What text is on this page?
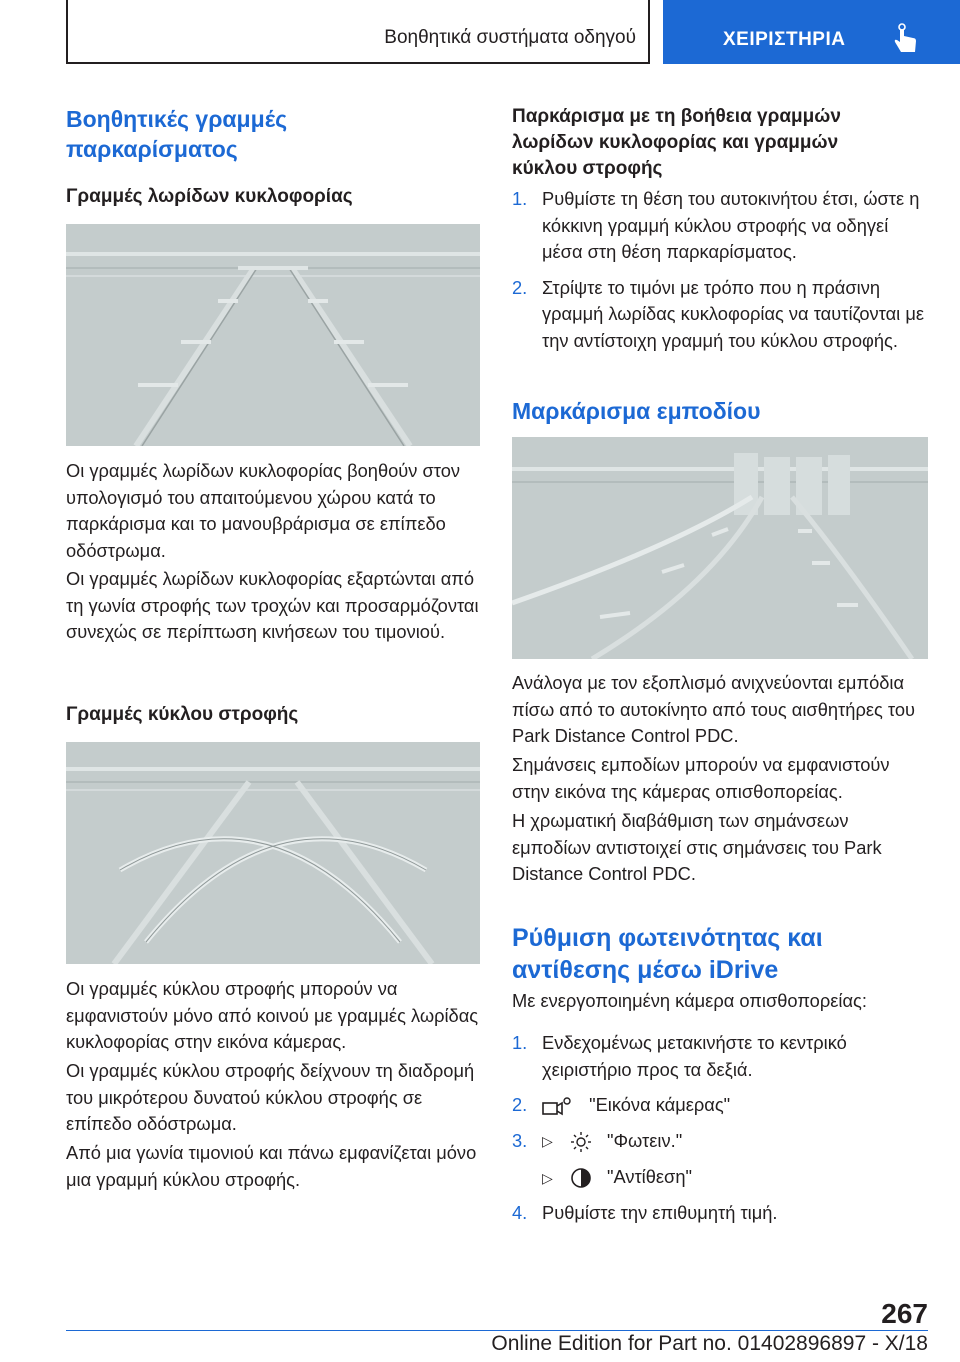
Βοηθητικά συστήματα οδηγού	ΧΕΙΡΙΣΤΗΡΙΑ
Βοηθητικές γραμμές παρκαρίσματος
Γραμμές λωρίδων κυκλοφορίας
Οι γραμμές λωρίδων κυκλοφορίας βοηθούν στον υπολογισμό του απαιτούμενου χώρου κατά το παρκάρισμα και το μανουβράρισμα σε επίπεδο οδόστρωμα.
Οι γραμμές λωρίδων κυκλοφορίας εξαρτώνται από τη γωνία στροφής των τροχών και προσαρμόζονται συνεχώς σε περίπτωση κινήσεων του τιμονιού.
Γραμμές κύκλου στροφής
Οι γραμμές κύκλου στροφής μπορούν να εμφανιστούν μόνο από κοινού με γραμμές λωρίδας κυκλοφορίας στην εικόνα κάμερας.
Οι γραμμές κύκλου στροφής δείχνουν τη διαδρομή του μικρότερου δυνατού κύκλου στροφής σε επίπεδο οδόστρωμα.
Από μια γωνία τιμονιού και πάνω εμφανίζεται μόνο μια γραμμή κύκλου στροφής.
Παρκάρισμα με τη βοήθεια γραμμών λωρίδων κυκλοφορίας και γραμμών κύκλου στροφής
1. Ρυθμίστε τη θέση του αυτοκινήτου έτσι, ώστε η κόκκινη γραμμή κύκλου στροφής να οδηγεί μέσα στη θέση παρκαρίσματος.
2. Στρίψτε το τιμόνι με τρόπο που η πράσινη γραμμή λωρίδας κυκλοφορίας να ταυτίζονται με την αντίστοιχη γραμμή του κύκλου στροφής.
Μαρκάρισμα εμποδίου
Ανάλογα με τον εξοπλισμό ανιχνεύονται εμπόδια πίσω από το αυτοκίνητο από τους αισθητήρες του Park Distance Control PDC.
Σημάνσεις εμποδίων μπορούν να εμφανιστούν στην εικόνα της κάμερας οπισθοπορείας.
Η χρωματική διαβάθμιση των σημάνσεων εμποδίων αντιστοιχεί στις σημάνσεις του Park Distance Control PDC.
Ρύθμιση φωτεινότητας και αντίθεσης μέσω iDrive
Με ενεργοποιημένη κάμερα οπισθοπορείας:
1. Ενδεχομένως μετακινήστε το κεντρικό χειριστήριο προς τα δεξιά.
2.	"Εικόνα κάμερας"
3. ▷	"Φωτειν."
▷	"Αντίθεση"
4. Ρυθμίστε την επιθυμητή τιμή.
267
Online Edition for Part no. 01402896897 - X/18
